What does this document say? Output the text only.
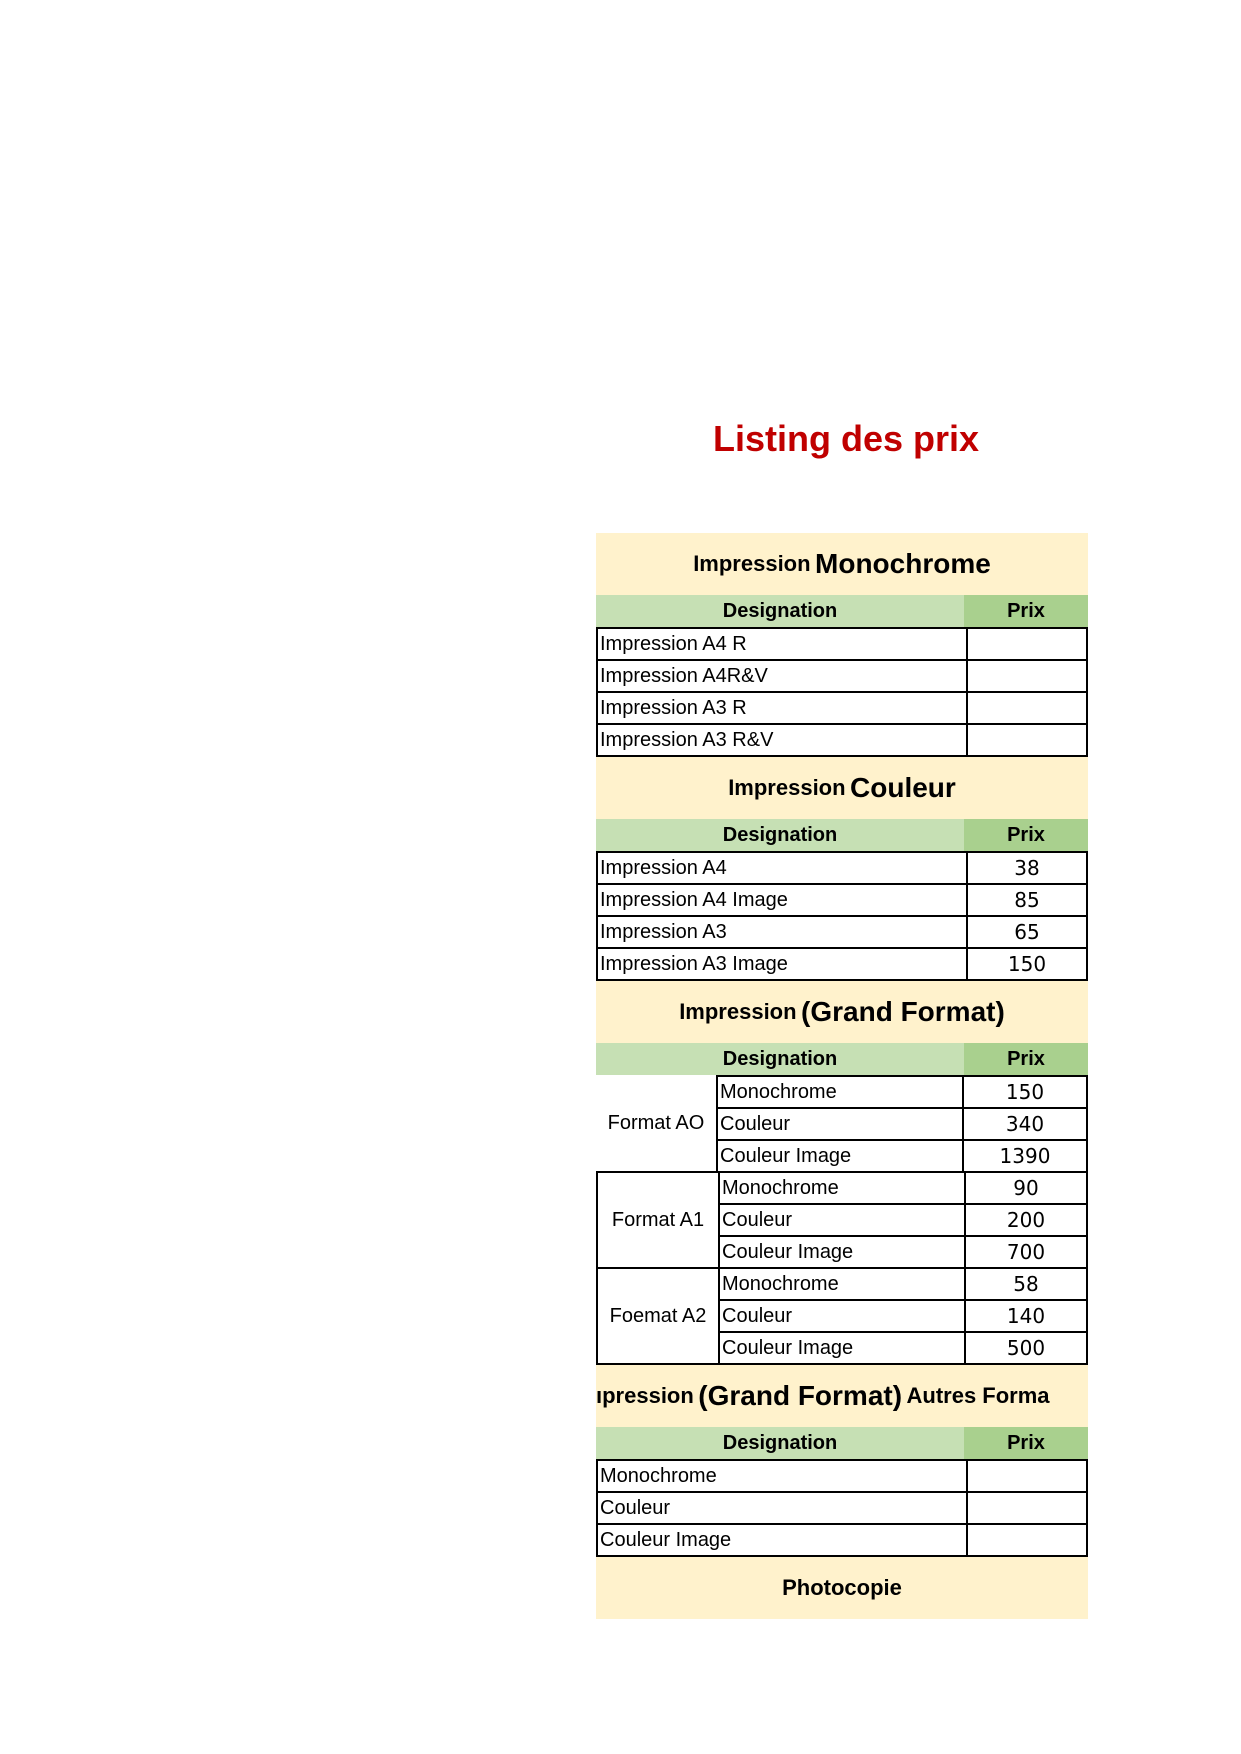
Listing des prix
Impression
Monochrome
Designation	Prix
Impression A4 R
Impression A4R&V
Impression A3 R
Impression A3 R&V
Impression
Couleur
Designation	Prix
Impression A4	38
Impression A4 Image	85
Impression A3	65
Impression A3 Image	150
Impression
(Grand Format)
Designation	Prix
Format AO
Monochrome	150
Couleur	340
Couleur Image	1390
Format A1
Monochrome	90
Couleur	200
Couleur Image	700
Foemat A2
Monochrome	58
Couleur	140
Couleur Image	500
ıpression
(Grand Format)
Autres Forma
Designation	Prix
Monochrome
Couleur
Couleur Image
Photocopie
